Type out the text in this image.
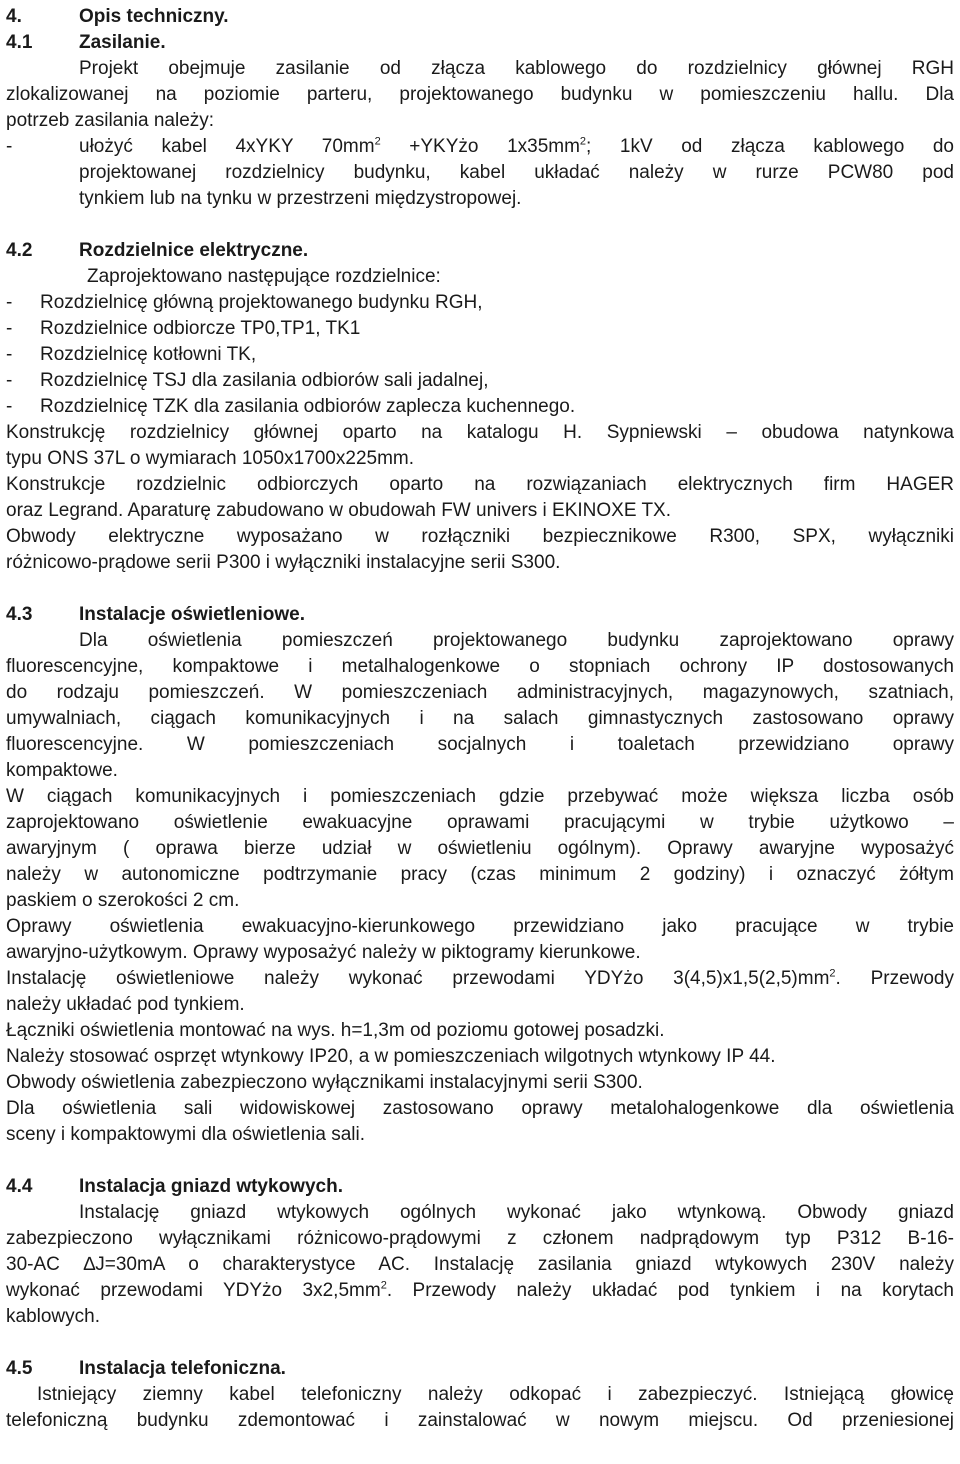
4.	Opis techniczny.
4.1	Zasilanie.
Projekt obejmuje zasilanie od złącza kablowego do rozdzielnicy głównej RGH
zlokalizowanej na poziomie parteru, projektowanego budynku w pomieszczeniu hallu. Dla
potrzeb zasilania należy:
-	ułożyć kabel 4xYKY $70mm^2$ +YKYżo $1x35mm^2$; 1kV od złącza kablowego do
projektowanej rozdzielnicy budynku, kabel układać należy w rurze PCW80 pod
tynkiem lub na tynku w przestrzeni międzystropowej.
4.2	Rozdzielnice elektryczne.
Zaprojektowano następujące rozdzielnice:
-	Rozdzielnicę główną projektowanego budynku RGH,
-	Rozdzielnice odbiorcze TP0,TP1, TK1
-	Rozdzielnicę kotłowni TK,
-	Rozdzielnicę TSJ dla zasilania odbiorów sali jadalnej,
-	Rozdzielnicę TZK dla zasilania odbiorów zaplecza kuchennego.
Konstrukcję rozdzielnicy głównej oparto na katalogu H. Sypniewski – obudowa natynkowa
typu ONS 37L o wymiarach 1050x1700x225mm.
Konstrukcje rozdzielnic odbiorczych oparto na rozwiązaniach elektrycznych firm HAGER
oraz Legrand. Aparaturę zabudowano w obudowah FW univers i EKINOXE TX.
Obwody elektryczne wyposażano w rozłączniki bezpiecznikowe R300, SPX, wyłączniki
różnicowo-prądowe serii P300 i wyłączniki instalacyjne serii S300.
4.3	Instalacje oświetleniowe.
Dla oświetlenia pomieszczeń projektowanego budynku zaprojektowano oprawy
fluorescencyjne, kompaktowe i metalhalogenkowe o stopniach ochrony IP dostosowanych
do rodzaju pomieszczeń. W pomieszczeniach administracyjnych, magazynowych, szatniach,
umywalniach, ciągach komunikacyjnych i na salach gimnastycznych zastosowano oprawy
fluorescencyjne. W pomieszczeniach socjalnych i toaletach przewidziano oprawy
kompaktowe.
W ciągach komunikacyjnych i pomieszczeniach gdzie przebywać może większa liczba osób
zaprojektowano oświetlenie ewakuacyjne oprawami pracującymi w trybie użytkowo –
awaryjnym ( oprawa bierze udział w oświetleniu ogólnym). Oprawy awaryjne wyposażyć
należy w autonomiczne podtrzymanie pracy (czas minimum 2 godziny) i oznaczyć żółtym
paskiem o szerokości 2 cm.
Oprawy oświetlenia ewakuacyjno-kierunkowego przewidziano jako pracujące w trybie
awaryjno-użytkowym. Oprawy wyposażyć należy w piktogramy kierunkowe.
Instalację oświetleniowe należy wykonać przewodami YDYżo $3(4,5)x1,5(2,5)mm^2$. Przewody
należy układać pod tynkiem.
Łączniki oświetlenia montować na wys. h=1,3m od poziomu gotowej posadzki.
Należy stosować osprzęt wtynkowy IP20, a w pomieszczeniach wilgotnych wtynkowy IP 44.
Obwody oświetlenia zabezpieczono wyłącznikami instalacyjnymi serii S300.
Dla oświetlenia sali widowiskowej zastosowano oprawy metalohalogenkowe dla oświetlenia
sceny i kompaktowymi dla oświetlenia sali.
4.4	Instalacja gniazd wtykowych.
Instalację gniazd wtykowych ogólnych wykonać jako wtynkową. Obwody gniazd
zabezpieczono wyłącznikami różnicowo-prądowymi z członem nadprądowym typ P312 B-16-
30-AC ∆J=30mA o charakterystyce AC. Instalację zasilania gniazd wtykowych 230V należy
wykonać przewodami YDYżo $3x2,5mm^2$. Przewody należy układać pod tynkiem i na korytach
kablowych.
4.5	Instalacja telefoniczna.
Istniejący ziemny kabel telefoniczny należy odkopać i zabezpieczyć. Istniejącą głowicę
telefoniczną budynku zdemontować i zainstalować w nowym miejscu. Od przeniesionej
